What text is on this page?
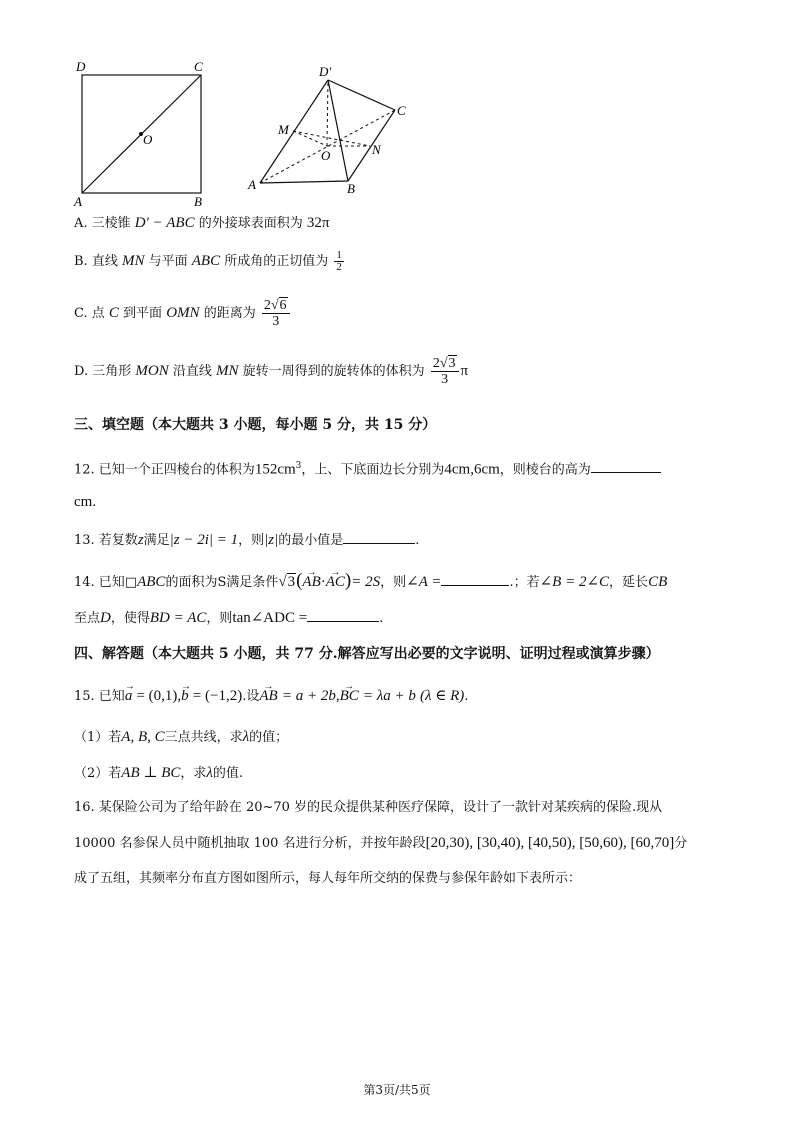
D	C
O
A	B
D′
C
M
N
O
A	B
A. 三棱锥 D′ − ABC 的外接球表面积为 32π
B. 直线 MN 与平面 ABC 所成角的正切值为 $\frac{1}{2}$
C. 点 C 到平面 OMN 的距离为 $\frac{2√6}{3}$
D. 三角形 MON 沿直线 MN 旋转一周得到的旋转体的体积为 $\frac{2√3}{3}$ π
三、填空题（本大题共 3 小题，每小题 5 分，共 15 分）
12. 已知一个正四棱台的体积为$152cm^3$，上、下底面边长分别为4cm,6cm，则棱台的高为
cm.
13. 若复数z满足|z − 2i| = 1，则|z|的最小值是	.
14. 已知□ABC的面积为S满足条件√3(→ AB·→ AC)= 2S，则∠A =	.；若∠B = 2∠C，延长CB
至点D，使得BD = AC，则tan∠ADC =	.
四、解答题（本大题共 5 小题，共 77 分.解答应写出必要的文字说明、证明过程或演算步骤）
15. 已知→ a = (0,1),→ b = (−1,2).设→ AB = a + 2b,→ BC = λa + b (λ ∈ R).
（1）若A, B, C三点共线，求λ的值；
（2）若AB ⊥ BC，求λ的值.
16. 某保险公司为了给年龄在 20~70 岁的民众提供某种医疗保障，设计了一款针对某疾病的保险.现从
10000 名参保人员中随机抽取 100 名进行分析，并按年龄段[20,30), [30,40), [40,50), [50,60), [60,70]分
成了五组，其频率分布直方图如图所示，每人每年所交纳的保费与参保年龄如下表所示：
第3页/共5页
